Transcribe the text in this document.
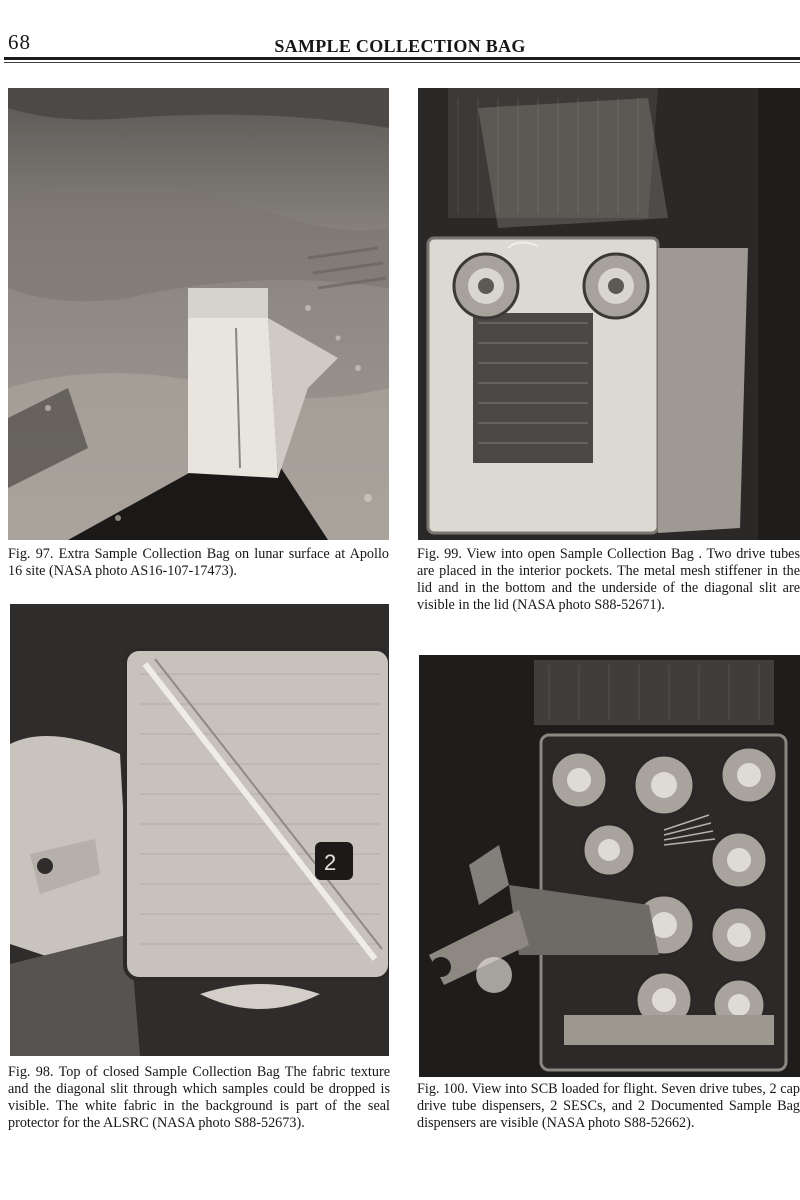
68	SAMPLE COLLECTION BAG
Fig. 97. Extra Sample Collection Bag on lunar surface at Apollo 16 site (NASA photo AS16-107-17473).
Fig. 99. View into open Sample Collection Bag . Two drive tubes are placed in the interior pockets. The metal mesh stiffener in the lid and in the bottom and the underside of the diagonal slit are visible in the lid (NASA photo S88-52671).
2
Fig. 98. Top of closed Sample Collection Bag The fabric texture and the diagonal slit through which samples could be dropped is visible. The white fabric in the background is part of the seal protector for the ALSRC (NASA photo S88-52673).
Fig. 100. View into SCB loaded for flight. Seven drive tubes, 2 cap drive tube dispensers, 2 SESCs, and 2 Documented Sample Bag dispensers are visible (NASA photo S88-52662).
